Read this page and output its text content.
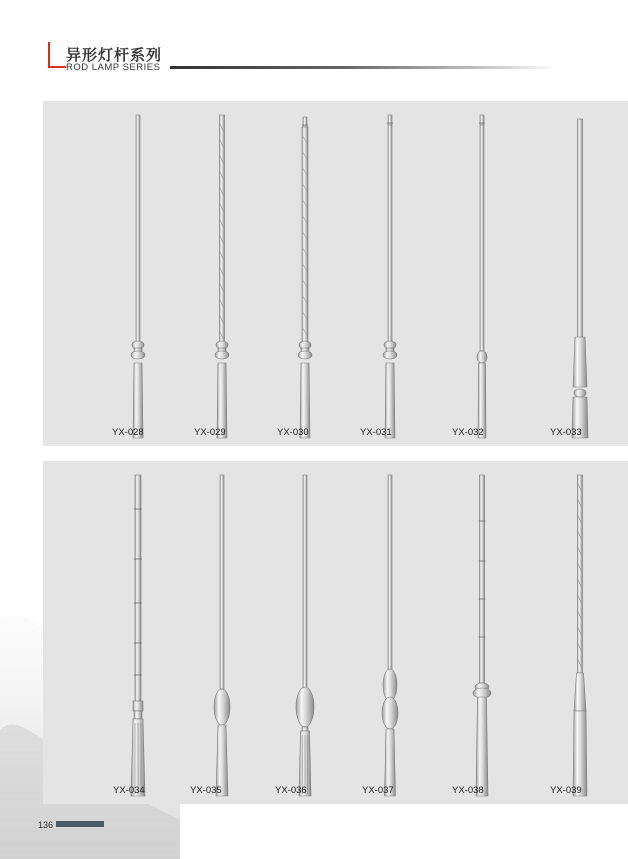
异形灯杆系列
ROD LAMP SERIES
YX-028	YX-029	YX-030	YX-031	YX-032	YX-033
YX-034	YX-035	YX-036	YX-037	YX-038	YX-039
136
